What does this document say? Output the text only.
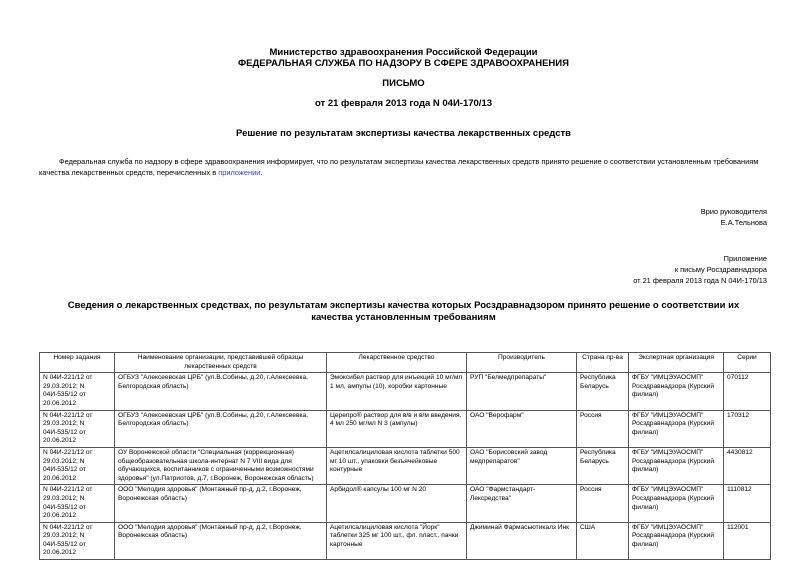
Министерство здравоохранения Российской Федерации
ФЕДЕРАЛЬНАЯ СЛУЖБА ПО НАДЗОРУ В СФЕРЕ ЗДРАВООХРАНЕНИЯ
ПИСЬМО
от 21 февраля 2013 года N 04И-170/13
Решение по результатам экспертизы качества лекарственных средств
Федеральная служба по надзору в сфере здравоохранения информирует, что по результатам экспертизы качества лекарственных средств принято решение о соответствии установленным требованиям качества лекарственных средств, перечисленных в приложении.
Врио руководителя
Е.А.Тельнова
Приложение
к письму Росздравнадзора
от 21 февраля 2013 года N 04И-170/13
Сведения о лекарственных средствах, по результатам экспертизы качества которых Росздравнадзором принято решение о соответствии их качества установленным требованиям
Номер задания	Наименование организации, представившей образцы лекарственных средств	Лекарственное средство	Производитель	Страна пр-ва	Экспертная организация	Серии
N 04И-221/12 от 29.03.2012; N 04И-535/12 от 20.06.2012	ОГБУЗ "Алексеевская ЦРБ" (ул.В.Собины, д.20, г.Алексеевка, Белгородская область)	Эмоксибел раствор для инъекций 10 мг/мл 1 мл, ампулы (10), коробки картонные	РУП "Белмедпрепараты"	Республика Беларусь	ФГБУ "ИМЦЭУАОСМП" Росздравнадзора (Курский филиал)	070112
N 04И-221/12 от 29.03.2012; N 04И-535/12 от 20.06.2012	ОГБУЗ "Алексеевская ЦРБ" (ул.В.Собины, д.20, г.Алексеевка, Белгородская область)	Церепро® раствор для в/в и в/м введения, 4 мл 250 мг/мл N 3 (ампулы)	ОАО "Верофарм"	Россия	ФГБУ "ИМЦЭУАОСМП" Росздравнадзора (Курский филиал)	170312
N 04И-221/12 от 29.03.2012; N 04И-535/12 от 20.06.2012	ОУ Воронежской области "Специальная (коррекционная) общеобразовательная школа-интернат N 7 VIII вида для обучающихся, воспитанников с ограниченными возможностями здоровья" (ул.Патриотов, д.7, г.Воронеж, Воронежская область)	Ацетилсалициловая кислота таблетки 500 мг 10 шт., упаковки безъячейковые контурные	ОАО "Борисовский завод медпрепаратов"	Республика Беларусь	ФГБУ "ИМЦЭУАОСМП" Росздравнадзора (Курский филиал)	4430812
N 04И-221/12 от 29.03.2012; N 04И-535/12 от 20.06.2012	ООО "Мелодия здоровья" (Монтажный пр-д, д.2, г.Воронеж, Воронежская область)	Арбидол® капсулы 100 мг N 20	ОАО "Фармстандарт-Лексредства"	Россия	ФГБУ "ИМЦЭУАОСМП" Росздравнадзора (Курский филиал)	1110812
N 04И-221/12 от 29.03.2012; N 04И-535/12 от 20.06.2012	ООО "Мелодия здоровья" (Монтажный пр-д, д.2, г.Воронеж, Воронежская область)	Ацетилсалициловая кислота "Йорк" таблетки 325 мг 100 шт., фл. пласт., пачки картонные	Джиминай Фармасьютикалз Инк	США	ФГБУ "ИМЦЭУАОСМП" Росздравнадзора (Курский филиал)	112001
